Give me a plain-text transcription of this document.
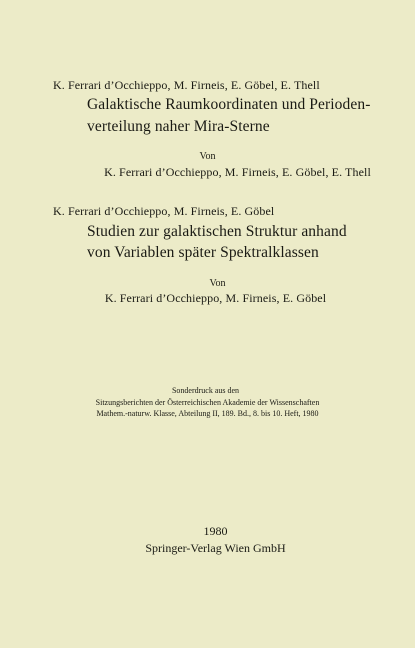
K. Ferrari d’Occhieppo, M. Firneis, E. Göbel, E. Thell
Galaktische Raumkoordinaten und Perioden-
verteilung naher Mira-Sterne
Von
K. Ferrari d’Occhieppo, M. Firneis, E. Göbel, E. Thell
K. Ferrari d’Occhieppo, M. Firneis, E. Göbel
Studien zur galaktischen Struktur anhand
von Variablen später Spektralklassen
Von
K. Ferrari d’Occhieppo, M. Firneis, E. Göbel
Sonderdruck aus den
Sitzungsberichten der Österreichischen Akademie der Wissenschaften
Mathem.-naturw. Klasse, Abteilung II, 189. Bd., 8. bis 10. Heft, 1980
1980
Springer-Verlag Wien GmbH
